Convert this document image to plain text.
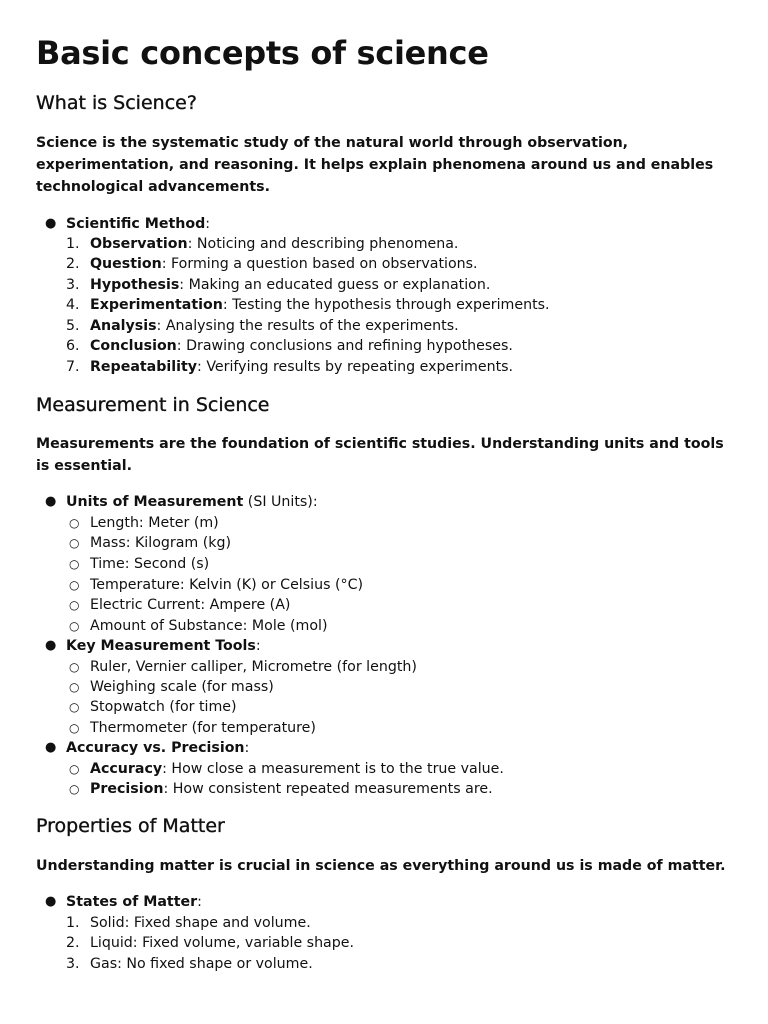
Basic concepts of science
What is Science?

Science is the systematic study of the natural world through observation, experimentation, and reasoning. It helps explain phenomena around us and enables technological advancements.

● Scientific Method:
1. Observation: Noticing and describing phenomena.
2. Question: Forming a question based on observations.
3. Hypothesis: Making an educated guess or explanation.
4. Experimentation: Testing the hypothesis through experiments.
5. Analysis: Analysing the results of the experiments.
6. Conclusion: Drawing conclusions and refining hypotheses.
7. Repeatability: Verifying results by repeating experiments.
Measurement in Science

Measurements are the foundation of scientific studies. Understanding units and tools is essential.

● Units of Measurement (SI Units):
○ Length: Meter (m)
○ Mass: Kilogram (kg)
○ Time: Second (s)
○ Temperature: Kelvin (K) or Celsius (°C)
○ Electric Current: Ampere (A)
○ Amount of Substance: Mole (mol)
● Key Measurement Tools:
○ Ruler, Vernier calliper, Micrometre (for length)
○ Weighing scale (for mass)
○ Stopwatch (for time)
○ Thermometer (for temperature)
● Accuracy vs. Precision:
○ Accuracy: How close a measurement is to the true value.
○ Precision: How consistent repeated measurements are.
Properties of Matter

Understanding matter is crucial in science as everything around us is made of matter.

● States of Matter:
1. Solid: Fixed shape and volume.
2. Liquid: Fixed volume, variable shape.
3. Gas: No fixed shape or volume.
